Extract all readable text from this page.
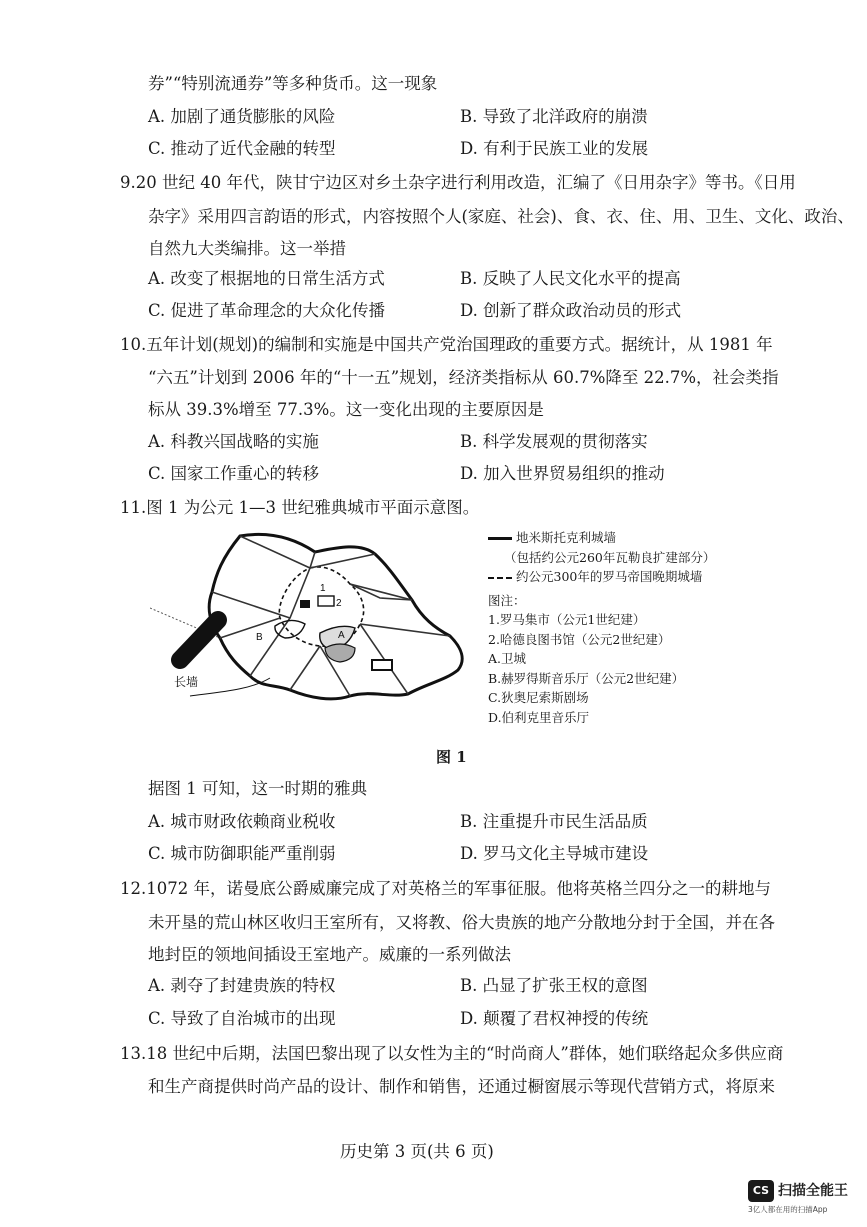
券”“特别流通券”等多种货币。这一现象
A. 加剧了通货膨胀的风险	B. 导致了北洋政府的崩溃
C. 推动了近代金融的转型	D. 有利于民族工业的发展
9.20 世纪 40 年代，陕甘宁边区对乡土杂字进行利用改造，汇编了《日用杂字》等书。《日用
杂字》采用四言韵语的形式，内容按照个人(家庭、社会)、食、衣、住、用、卫生、文化、政治、
自然九大类编排。这一举措
A. 改变了根据地的日常生活方式	B. 反映了人民文化水平的提高
C. 促进了革命理念的大众化传播	D. 创新了群众政治动员的形式
10.五年计划(规划)的编制和实施是中国共产党治国理政的重要方式。据统计，从 1981 年
“六五”计划到 2006 年的“十一五”规划，经济类指标从 60.7%降至 22.7%，社会类指
标从 39.3%增至 77.3%。这一变化出现的主要原因是
A. 科教兴国战略的实施	B. 科学发展观的贯彻落实
C. 国家工作重心的转移	D. 加入世界贸易组织的推动
11.图 1 为公元 1—3 世纪雅典城市平面示意图。
长墙
1
2
A
B
地米斯托克利城墙
（包括约公元260年瓦勒良扩建部分）
约公元300年的罗马帝国晚期城墙
图注：
1.罗马集市（公元1世纪建）
2.哈德良图书馆（公元2世纪建）
A.卫城
B.赫罗得斯音乐厅（公元2世纪建）
C.狄奥尼索斯剧场
D.伯利克里音乐厅
图 1
据图 1 可知，这一时期的雅典
A. 城市财政依赖商业税收	B. 注重提升市民生活品质
C. 城市防御职能严重削弱	D. 罗马文化主导城市建设
12.1072 年，诺曼底公爵威廉完成了对英格兰的军事征服。他将英格兰四分之一的耕地与
未开垦的荒山林区收归王室所有，又将教、俗大贵族的地产分散地分封于全国，并在各
地封臣的领地间插设王室地产。威廉的一系列做法
A. 剥夺了封建贵族的特权	B. 凸显了扩张王权的意图
C. 导致了自治城市的出现	D. 颠覆了君权神授的传统
13.18 世纪中后期，法国巴黎出现了以女性为主的“时尚商人”群体，她们联络起众多供应商
和生产商提供时尚产品的设计、制作和销售，还通过橱窗展示等现代营销方式，将原来
历史第 3 页(共 6 页)
CS 扫描全能王
3亿人都在用的扫描App
